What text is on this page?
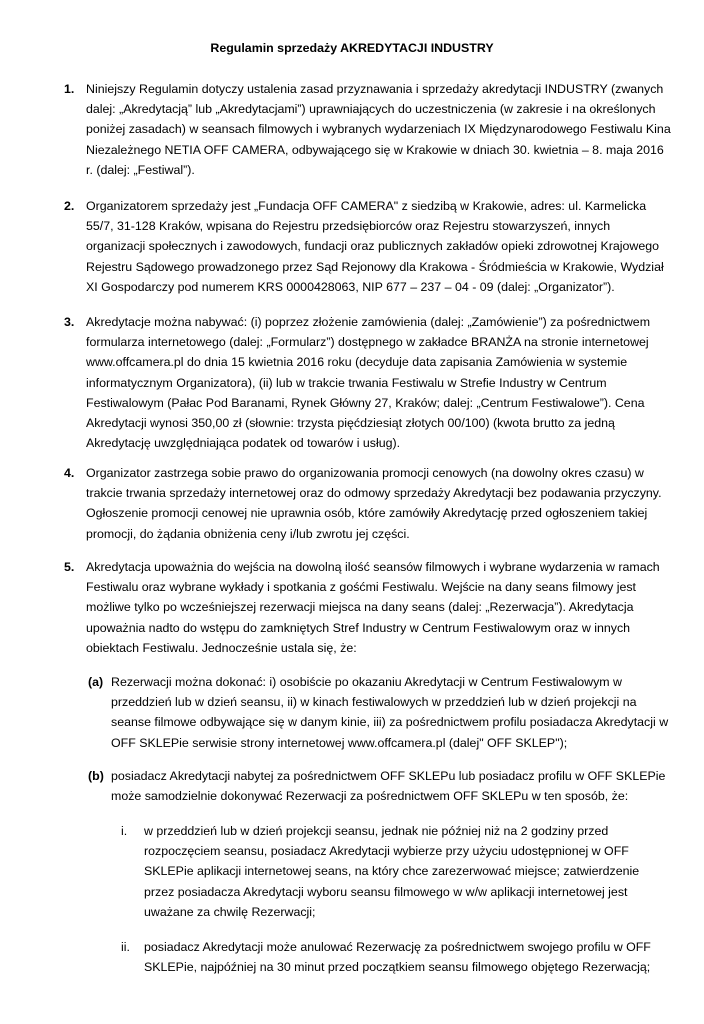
Regulamin sprzedaży AKREDYTACJI INDUSTRY
1. Niniejszy Regulamin dotyczy ustalenia zasad przyznawania i sprzedaży akredytacji INDUSTRY (zwanych dalej: „Akredytacją” lub „Akredytacjami”) uprawniających do uczestniczenia (w zakresie i na określonych poniżej zasadach) w seansach filmowych i wybranych wydarzeniach IX Międzynarodowego Festiwalu Kina Niezależnego NETIA OFF CAMERA, odbywającego się w Krakowie w dniach 30. kwietnia – 8. maja 2016 r. (dalej: „Festiwal”).
2. Organizatorem sprzedaży jest „Fundacja OFF CAMERA" z siedzibą w Krakowie, adres: ul. Karmelicka 55/7, 31-128 Kraków, wpisana do Rejestru przedsiębiorców oraz Rejestru stowarzyszeń, innych organizacji społecznych i zawodowych, fundacji oraz publicznych zakładów opieki zdrowotnej Krajowego Rejestru Sądowego prowadzonego przez Sąd Rejonowy dla Krakowa - Śródmieścia w Krakowie, Wydział XI Gospodarczy pod numerem KRS 0000428063, NIP 677 – 237 – 04 - 09 (dalej: „Organizator”).
3. Akredytacje można nabywać: (i) poprzez złożenie zamówienia (dalej: „Zamówienie”) za pośrednictwem formularza internetowego (dalej: „Formularz”) dostępnego w zakładce BRANŻA na stronie internetowej www.offcamera.pl do dnia 15 kwietnia 2016 roku (decyduje data zapisania Zamówienia w systemie informatycznym Organizatora), (ii) lub w trakcie trwania Festiwalu w Strefie Industry w Centrum Festiwalowym (Pałac Pod Baranami, Rynek Główny 27, Kraków; dalej: „Centrum Festiwalowe”). Cena Akredytacji wynosi 350,00 zł (słownie: trzysta pięćdziesiąt złotych 00/100) (kwota brutto za jedną Akredytację uwzględniająca podatek od towarów i usług).
4. Organizator zastrzega sobie prawo do organizowania promocji cenowych (na dowolny okres czasu) w trakcie trwania sprzedaży internetowej oraz do odmowy sprzedaży Akredytacji bez podawania przyczyny. Ogłoszenie promocji cenowej nie uprawnia osób, które zamówiły Akredytację przed ogłoszeniem takiej promocji, do żądania obniżenia ceny i/lub zwrotu jej części.
5. Akredytacja upoważnia do wejścia na dowolną ilość seansów filmowych i wybrane wydarzenia w ramach Festiwalu oraz wybrane wykłady i spotkania z gośćmi Festiwalu. Wejście na dany seans filmowy jest możliwe tylko po wcześniejszej rezerwacji miejsca na dany seans (dalej: „Rezerwacja”). Akredytacja upoważnia nadto do wstępu do zamkniętych Stref Industry w Centrum Festiwalowym oraz w innych obiektach Festiwalu. Jednocześnie ustala się, że:
(a) Rezerwacji można dokonać: i) osobiście po okazaniu Akredytacji w Centrum Festiwalowym w przeddzień lub w dzień seansu, ii) w kinach festiwalowych w przeddzień lub w dzień projekcji na seanse filmowe odbywające się w danym kinie, iii) za pośrednictwem profilu posiadacza Akredytacji w OFF SKLEPie serwisie strony internetowej www.offcamera.pl (dalej" OFF SKLEP");
(b) posiadacz Akredytacji nabytej za pośrednictwem OFF SKLEPu lub posiadacz profilu w OFF SKLEPie może samodzielnie dokonywać Rezerwacji za pośrednictwem OFF SKLEPu w ten sposób, że:
i. w przeddzień lub w dzień projekcji seansu, jednak nie później niż na 2 godziny przed rozpoczęciem seansu, posiadacz Akredytacji wybierze przy użyciu udostępnionej w OFF SKLEPie aplikacji internetowej seans, na który chce zarezerwować miejsce; zatwierdzenie przez posiadacza Akredytacji wyboru seansu filmowego w w/w aplikacji internetowej jest uważane za chwilę Rezerwacji;
ii. posiadacz Akredytacji może anulować Rezerwację za pośrednictwem swojego profilu w OFF SKLEPie, najpóźniej na 30 minut przed początkiem seansu filmowego objętego Rezerwacją;
